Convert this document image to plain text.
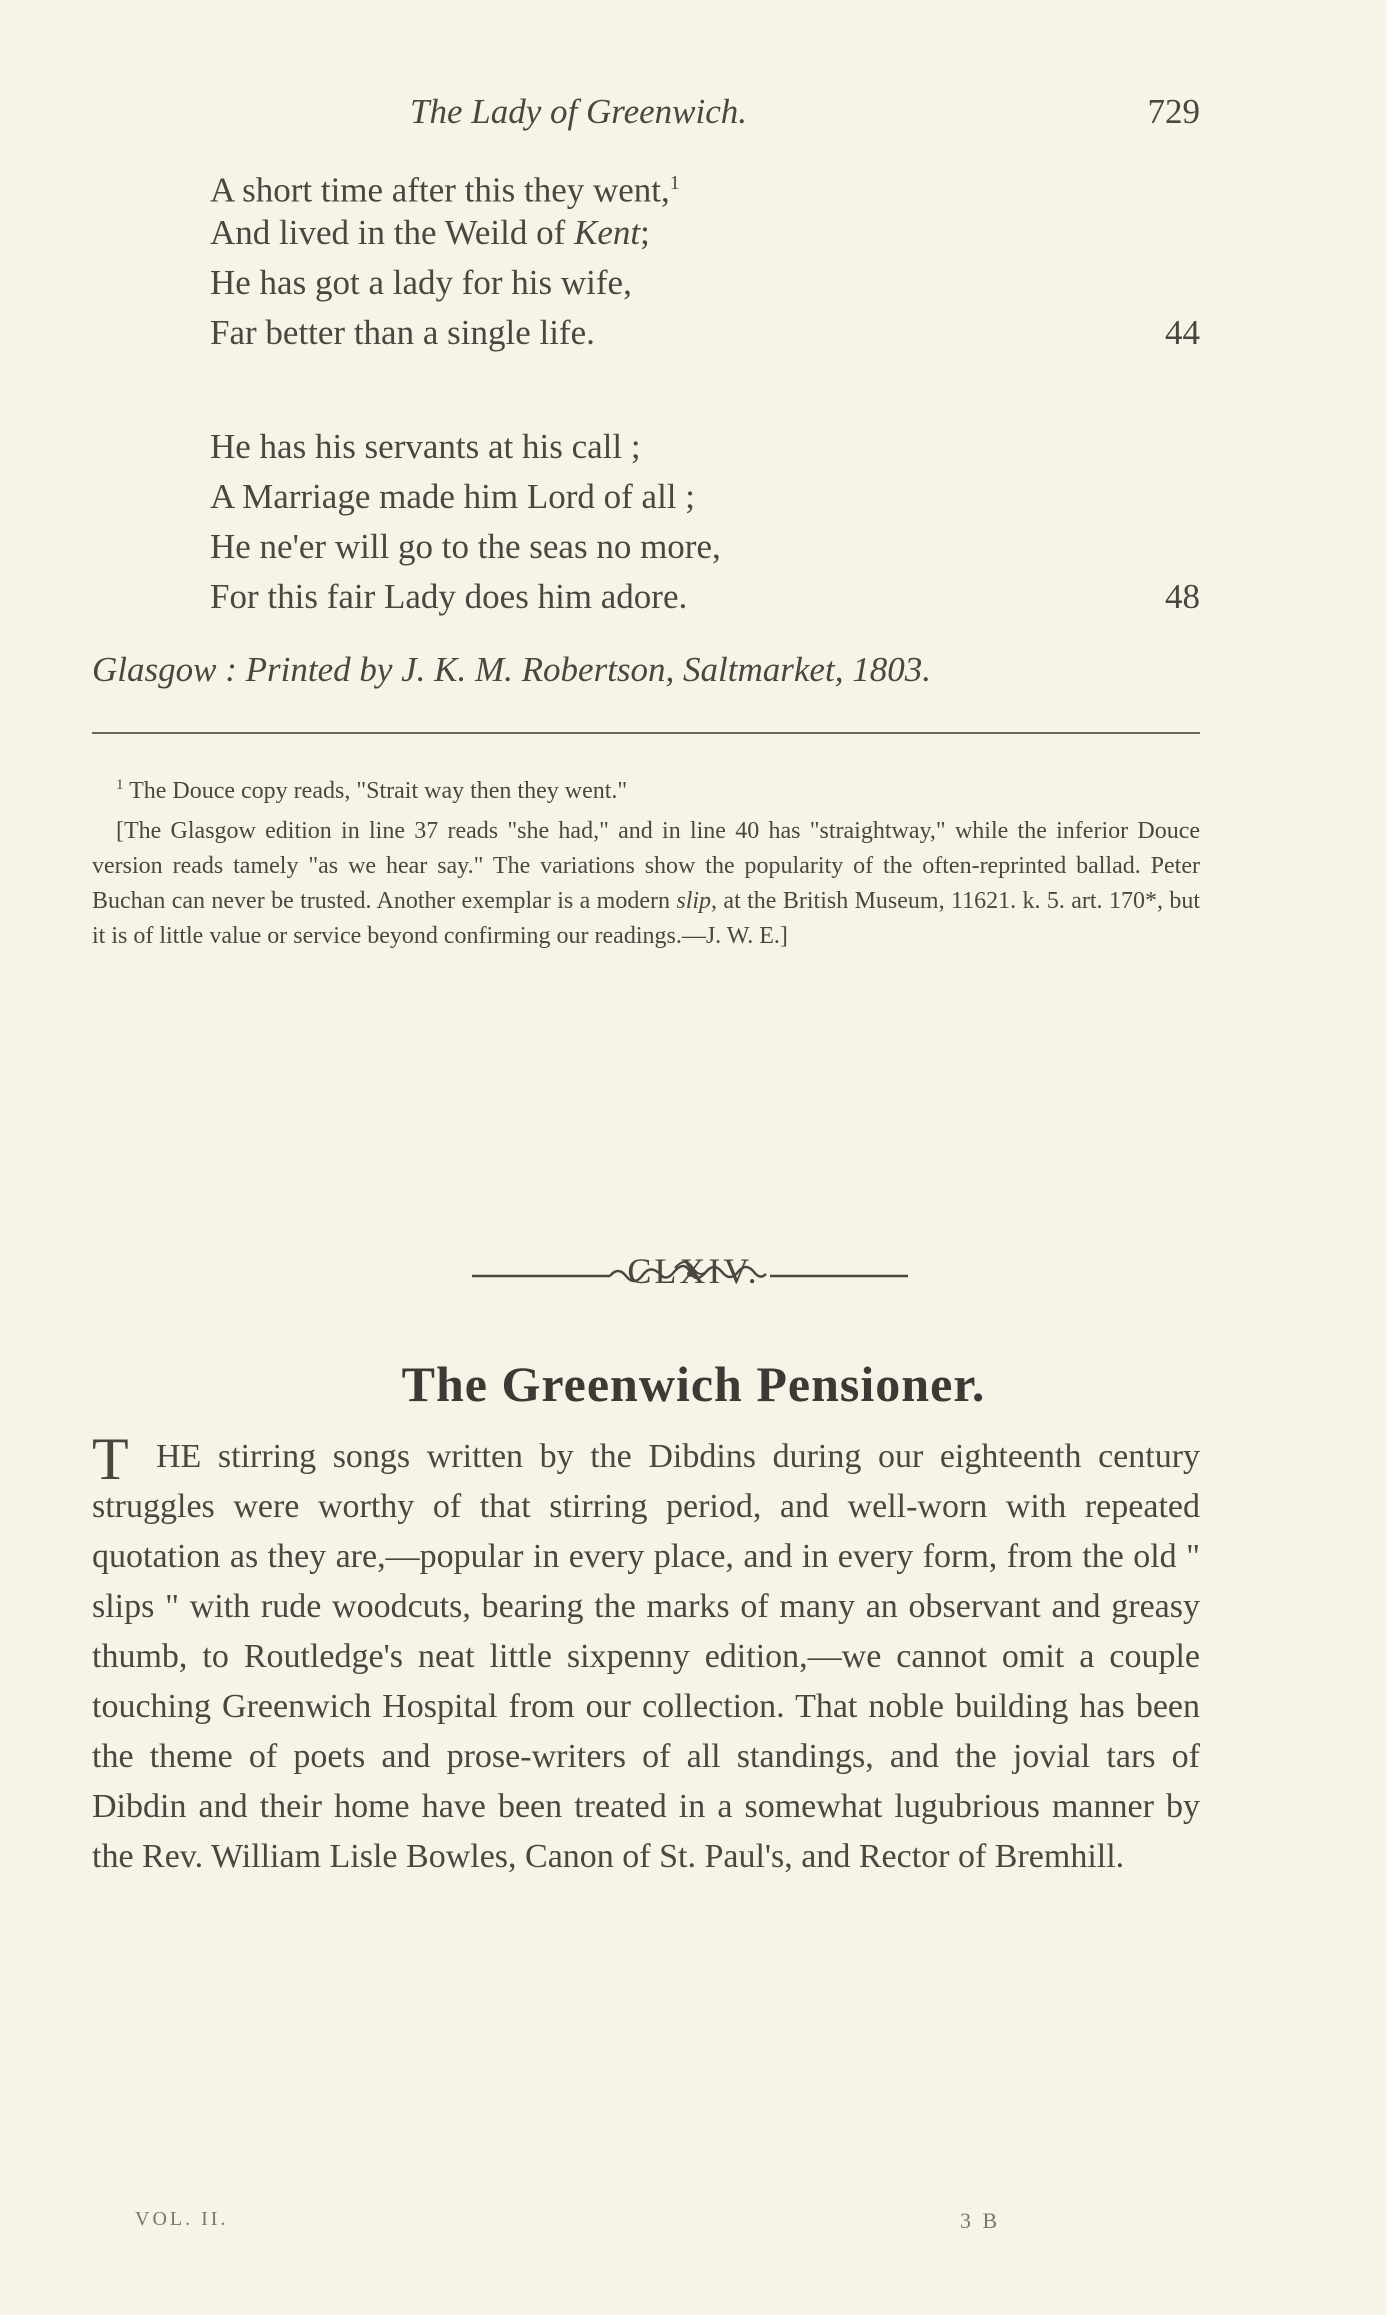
The Lady of Greenwich.	729
A short time after this they went,$^1$
And lived in the Weild of Kent;
He has got a lady for his wife,
Far better than a single life.	44
He has his servants at his call ;
A Marriage made him Lord of all ;
He ne'er will go to the seas no more,
For this fair Lady does him adore.	48
Glasgow : Printed by J. K. M. Robertson, Saltmarket, 1803.
$^1$ The Douce copy reads, "Strait way then they went."
[The Glasgow edition in line 37 reads "she had," and in line 40 has "straightway," while the inferior Douce version reads tamely "as we hear say." The variations show the popularity of the often-reprinted ballad. Peter Buchan can never be trusted. Another exemplar is a modern slip, at the British Museum, 11621. k. 5. art. 170*, but it is of little value or service beyond confirming our readings.—J. W. E.]
CLXIV.
The Greenwich Pensioner.
T HE stirring songs written by the Dibdins during our eighteenth century struggles were worthy of that stirring period, and well-worn with repeated quotation as they are,—popular in every place, and in every form, from the old " slips " with rude woodcuts, bearing the marks of many an observant and greasy thumb, to Routledge's neat little sixpenny edition,—we cannot omit a couple touching Greenwich Hospital from our collection. That noble building has been the theme of poets and prose-writers of all standings, and the jovial tars of Dibdin and their home have been treated in a somewhat lugubrious manner by the Rev. William Lisle Bowles, Canon of St. Paul's, and Rector of Bremhill.
VOL. II.	3 B
